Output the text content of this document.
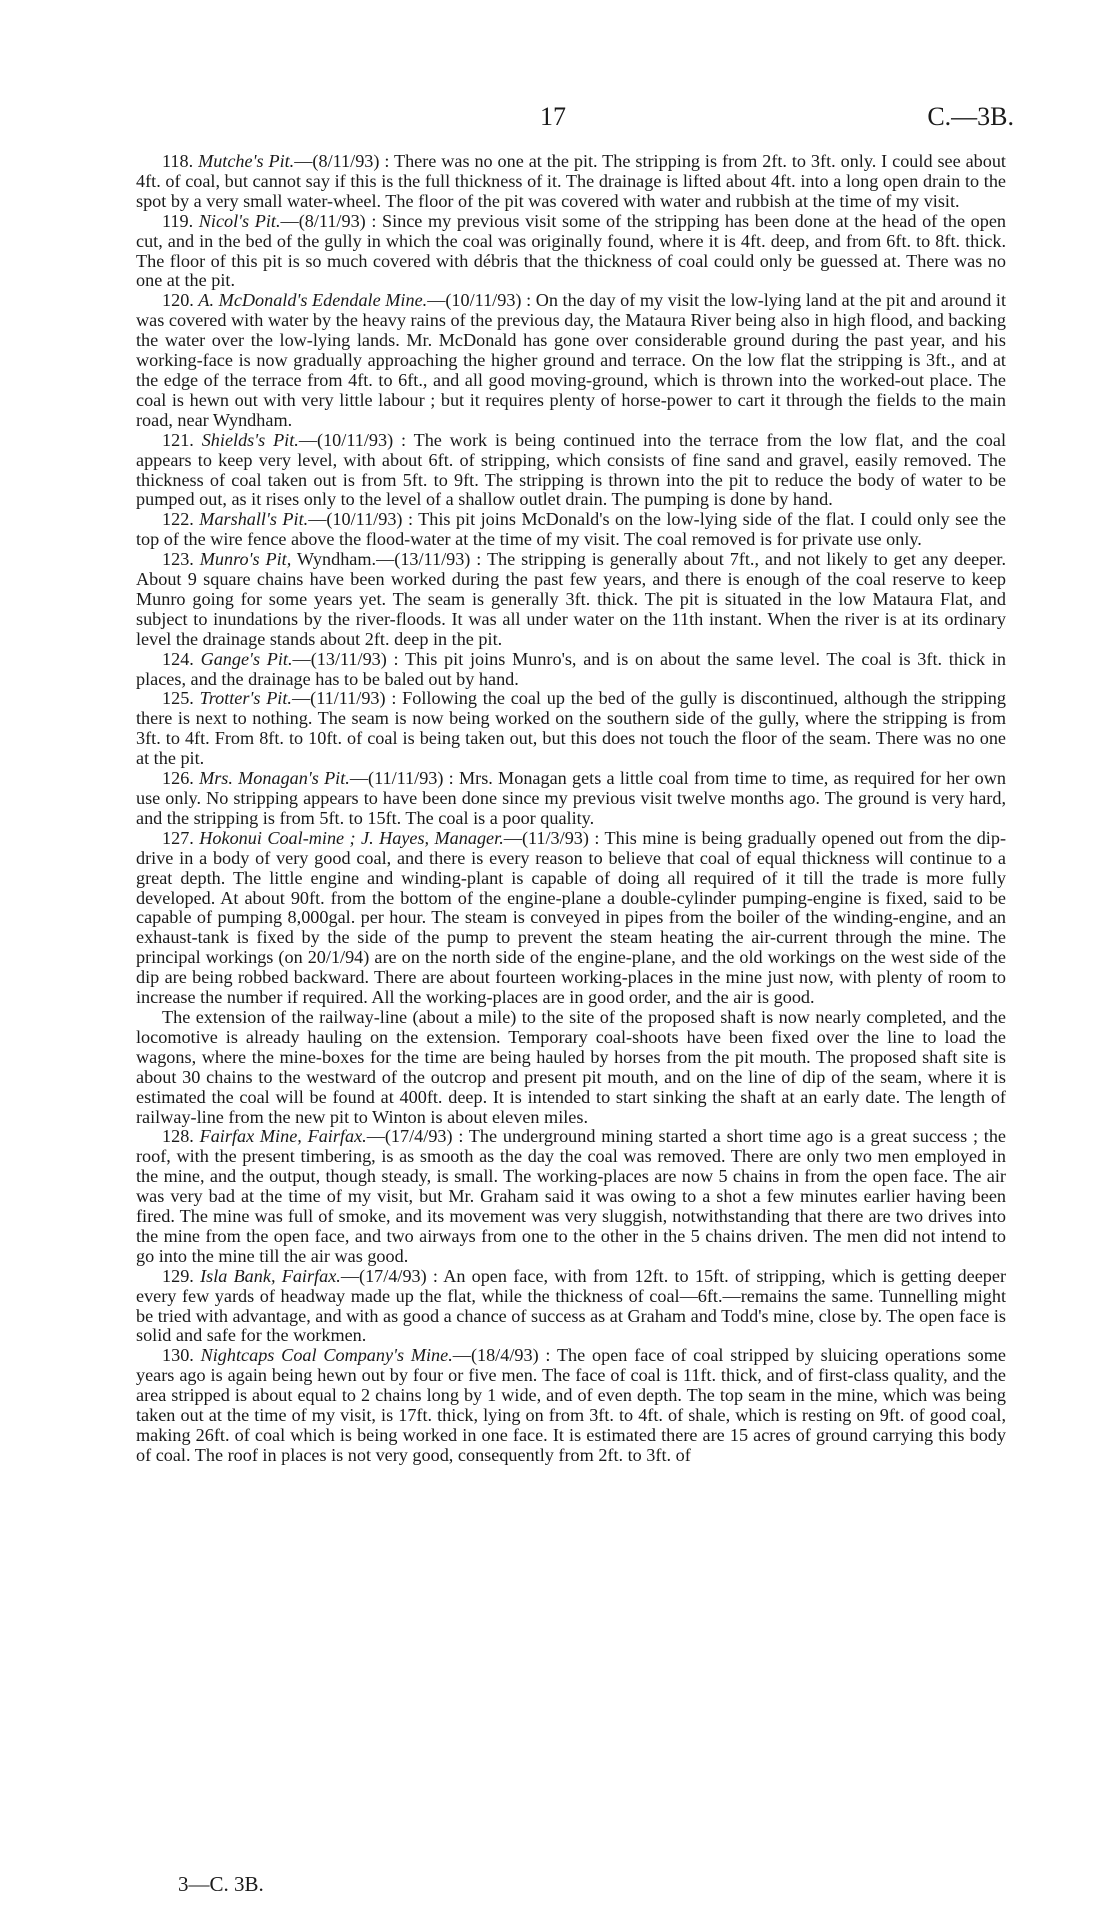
17	C.—3B.

118. Mutche's Pit.—(8/11/93) : There was no one at the pit. The stripping is from 2ft. to 3ft. only. I could see about 4ft. of coal, but cannot say if this is the full thickness of it. The drainage is lifted about 4ft. into a long open drain to the spot by a very small water-wheel. The floor of the pit was covered with water and rubbish at the time of my visit.

119. Nicol's Pit.—(8/11/93) : Since my previous visit some of the stripping has been done at the head of the open cut, and in the bed of the gully in which the coal was originally found, where it is 4ft. deep, and from 6ft. to 8ft. thick. The floor of this pit is so much covered with débris that the thickness of coal could only be guessed at. There was no one at the pit.

120. A. McDonald's Edendale Mine.—(10/11/93) : On the day of my visit the low-lying land at the pit and around it was covered with water by the heavy rains of the previous day, the Mataura River being also in high flood, and backing the water over the low-lying lands. Mr. McDonald has gone over considerable ground during the past year, and his working-face is now gradually approaching the higher ground and terrace. On the low flat the stripping is 3ft., and at the edge of the terrace from 4ft. to 6ft., and all good moving-ground, which is thrown into the worked-out place. The coal is hewn out with very little labour ; but it requires plenty of horse-power to cart it through the fields to the main road, near Wyndham.

121. Shields's Pit.—(10/11/93) : The work is being continued into the terrace from the low flat, and the coal appears to keep very level, with about 6ft. of stripping, which consists of fine sand and gravel, easily removed. The thickness of coal taken out is from 5ft. to 9ft. The stripping is thrown into the pit to reduce the body of water to be pumped out, as it rises only to the level of a shallow outlet drain. The pumping is done by hand.

122. Marshall's Pit.—(10/11/93) : This pit joins McDonald's on the low-lying side of the flat. I could only see the top of the wire fence above the flood-water at the time of my visit. The coal removed is for private use only.

123. Munro's Pit, Wyndham.—(13/11/93) : The stripping is generally about 7ft., and not likely to get any deeper. About 9 square chains have been worked during the past few years, and there is enough of the coal reserve to keep Munro going for some years yet. The seam is generally 3ft. thick. The pit is situated in the low Mataura Flat, and subject to inundations by the river-floods. It was all under water on the 11th instant. When the river is at its ordinary level the drainage stands about 2ft. deep in the pit.

124. Gange's Pit.—(13/11/93) : This pit joins Munro's, and is on about the same level. The coal is 3ft. thick in places, and the drainage has to be baled out by hand.

125. Trotter's Pit.—(11/11/93) : Following the coal up the bed of the gully is discontinued, although the stripping there is next to nothing. The seam is now being worked on the southern side of the gully, where the stripping is from 3ft. to 4ft. From 8ft. to 10ft. of coal is being taken out, but this does not touch the floor of the seam. There was no one at the pit.

126. Mrs. Monagan's Pit.—(11/11/93) : Mrs. Monagan gets a little coal from time to time, as required for her own use only. No stripping appears to have been done since my previous visit twelve months ago. The ground is very hard, and the stripping is from 5ft. to 15ft. The coal is a poor quality.

127. Hokonui Coal-mine ; J. Hayes, Manager.—(11/3/93) : This mine is being gradually opened out from the dip-drive in a body of very good coal, and there is every reason to believe that coal of equal thickness will continue to a great depth. The little engine and winding-plant is capable of doing all required of it till the trade is more fully developed. At about 90ft. from the bottom of the engine-plane a double-cylinder pumping-engine is fixed, said to be capable of pumping 8,000gal. per hour. The steam is conveyed in pipes from the boiler of the winding-engine, and an exhaust-tank is fixed by the side of the pump to prevent the steam heating the air-current through the mine. The principal workings (on 20/1/94) are on the north side of the engine-plane, and the old workings on the west side of the dip are being robbed backward. There are about fourteen working-places in the mine just now, with plenty of room to increase the number if required. All the working-places are in good order, and the air is good.

The extension of the railway-line (about a mile) to the site of the proposed shaft is now nearly completed, and the locomotive is already hauling on the extension. Temporary coal-shoots have been fixed over the line to load the wagons, where the mine-boxes for the time are being hauled by horses from the pit mouth. The proposed shaft site is about 30 chains to the westward of the outcrop and present pit mouth, and on the line of dip of the seam, where it is estimated the coal will be found at 400ft. deep. It is intended to start sinking the shaft at an early date. The length of railway-line from the new pit to Winton is about eleven miles.

128. Fairfax Mine, Fairfax.—(17/4/93) : The underground mining started a short time ago is a great success ; the roof, with the present timbering, is as smooth as the day the coal was removed. There are only two men employed in the mine, and the output, though steady, is small. The working-places are now 5 chains in from the open face. The air was very bad at the time of my visit, but Mr. Graham said it was owing to a shot a few minutes earlier having been fired. The mine was full of smoke, and its movement was very sluggish, notwithstanding that there are two drives into the mine from the open face, and two airways from one to the other in the 5 chains driven. The men did not intend to go into the mine till the air was good.

129. Isla Bank, Fairfax.—(17/4/93) : An open face, with from 12ft. to 15ft. of stripping, which is getting deeper every few yards of headway made up the flat, while the thickness of coal—6ft.—remains the same. Tunnelling might be tried with advantage, and with as good a chance of success as at Graham and Todd's mine, close by. The open face is solid and safe for the workmen.

130. Nightcaps Coal Company's Mine.—(18/4/93) : The open face of coal stripped by sluicing operations some years ago is again being hewn out by four or five men. The face of coal is 11ft. thick, and of first-class quality, and the area stripped is about equal to 2 chains long by 1 wide, and of even depth. The top seam in the mine, which was being taken out at the time of my visit, is 17ft. thick, lying on from 3ft. to 4ft. of shale, which is resting on 9ft. of good coal, making 26ft. of coal which is being worked in one face. It is estimated there are 15 acres of ground carrying this body of coal. The roof in places is not very good, consequently from 2ft. to 3ft. of

3—C. 3B.
